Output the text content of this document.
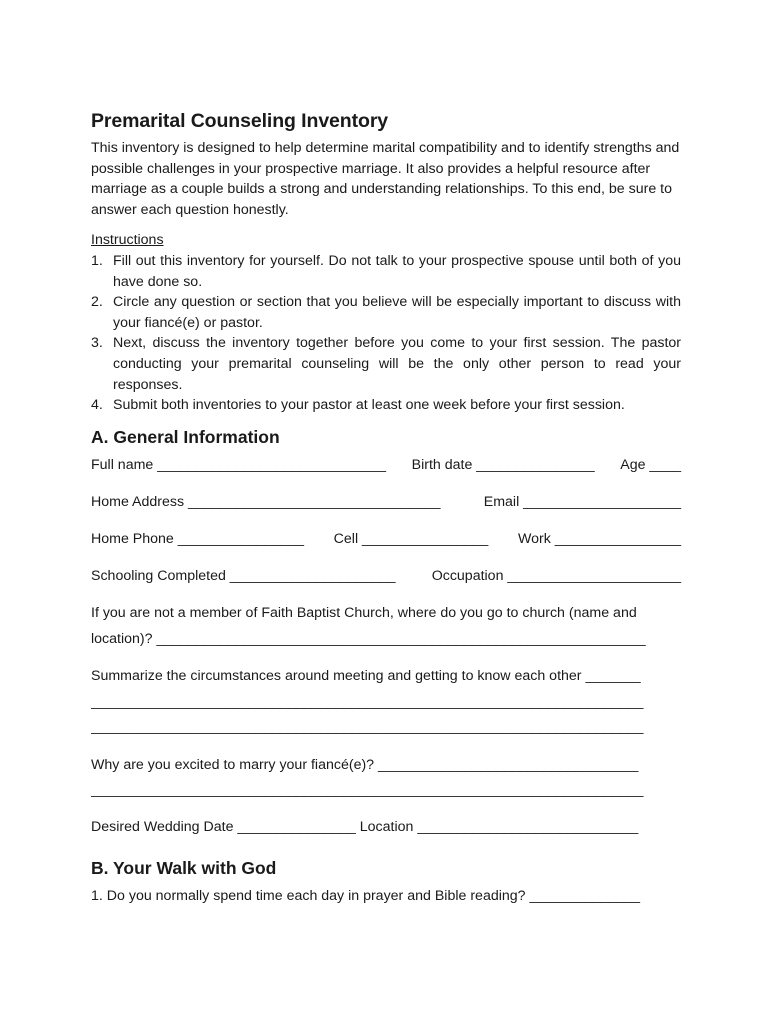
Premarital Counseling Inventory

This inventory is designed to help determine marital compatibility and to identify strengths and possible challenges in your prospective marriage. It also provides a helpful resource after marriage as a couple builds a strong and understanding relationships. To this end, be sure to answer each question honestly.

Instructions

1. Fill out this inventory for yourself. Do not talk to your prospective spouse until both of you have done so.
2. Circle any question or section that you believe will be especially important to discuss with your fiancé(e) or pastor.
3. Next, discuss the inventory together before you come to your first session. The pastor conducting your premarital counseling will be the only other person to read your responses.
4. Submit both inventories to your pastor at least one week before your first session.
A. General Information
Full name _____________________________ Birth date _______________ Age ____
Home Address ________________________________	Email ____________________
Home Phone ________________ Cell ________________ Work ________________
Schooling Completed _____________________	Occupation ______________________

If you are not a member of Faith Baptist Church, where do you go to church (name and

location)? ______________________________________________________________

Summarize the circumstances around meeting and getting to know each other _______

______________________________________________________________________

______________________________________________________________________

Why are you excited to marry your fiancé(e)? _________________________________

______________________________________________________________________

Desired Wedding Date _______________ Location ____________________________
B. Your Walk with God

1. Do you normally spend time each day in prayer and Bible reading? ______________
